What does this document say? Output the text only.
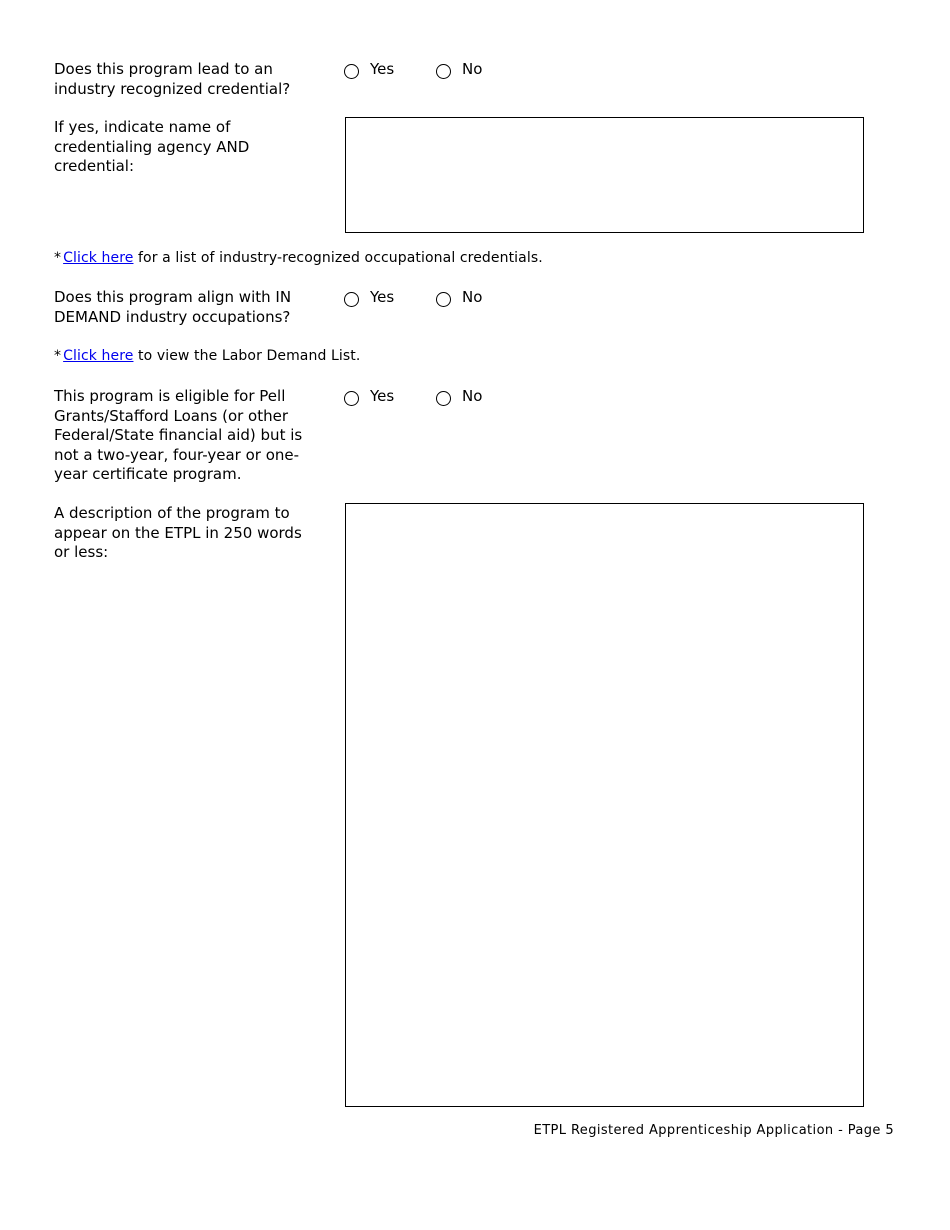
Does this program lead to an
industry recognized credential?
Yes	No
If yes, indicate name of
credentialing agency AND
credential:
* Click here for a list of industry-recognized occupational credentials.
Does this program align with IN
DEMAND industry occupations?
Yes	No
* Click here to view the Labor Demand List.
This program is eligible for Pell
Grants/Stafford Loans (or other
Federal/State financial aid) but is
not a two-year, four-year or one-
year certificate program.
Yes	No
A description of the program to
appear on the ETPL in 250 words
or less:
ETPL Registered Apprenticeship Application - Page 5
